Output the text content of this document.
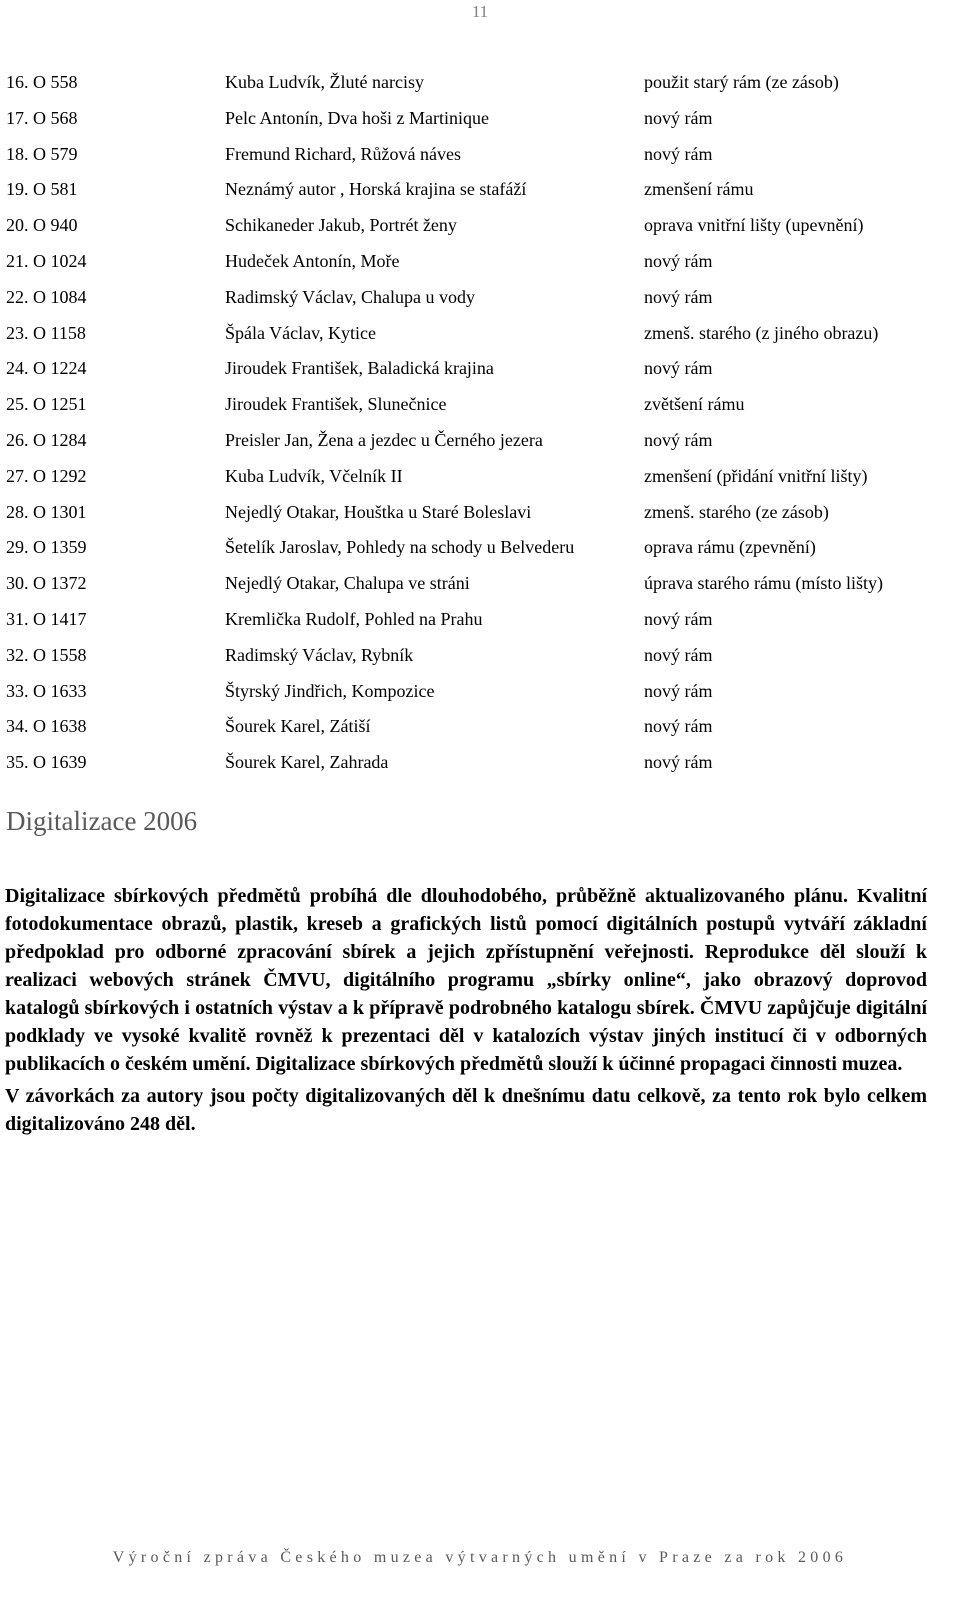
11
16. O 558	Kuba Ludvík, Žluté narcisy	použit starý rám (ze zásob)
17. O 568	Pelc Antonín, Dva hoši z Martinique	nový rám
18. O 579	Fremund Richard, Růžová náves	nový rám
19. O 581	Neznámý autor , Horská krajina se stafáží	zmenšení rámu
20. O 940	Schikaneder Jakub, Portrét ženy	oprava vnitřní lišty (upevnění)
21. O 1024	Hudeček Antonín, Moře	nový rám
22. O 1084	Radimský Václav, Chalupa u vody	nový rám
23. O 1158	Špála Václav, Kytice	zmenš. starého (z jiného obrazu)
24. O 1224	Jiroudek František, Baladická krajina	nový rám
25. O 1251	Jiroudek František, Slunečnice	zvětšení rámu
26. O 1284	Preisler Jan, Žena a jezdec u Černého jezera	nový rám
27. O 1292	Kuba Ludvík, Včelník II	zmenšení (přidání vnitřní lišty)
28. O 1301	Nejedlý Otakar, Houštka u Staré Boleslavi	zmenš. starého (ze zásob)
29. O 1359	Šetelík Jaroslav, Pohledy na schody u Belvederu	oprava rámu (zpevnění)
30. O 1372	Nejedlý Otakar, Chalupa ve stráni	úprava starého rámu (místo lišty)
31. O 1417	Kremlička Rudolf, Pohled na Prahu	nový rám
32. O 1558	Radimský Václav, Rybník	nový rám
33. O 1633	Štyrský Jindřich, Kompozice	nový rám
34. O 1638	Šourek Karel, Zátiší	nový rám
35. O 1639	Šourek Karel, Zahrada	nový rám
Digitalizace 2006

Digitalizace sbírkových předmětů probíhá dle dlouhodobého, průběžně aktualizovaného plánu. Kvalitní fotodokumentace obrazů, plastik, kreseb a grafických listů pomocí digitálních postupů vytváří základní předpoklad pro odborné zpracování sbírek a jejich zpřístupnění veřejnosti. Reprodukce děl slouží k realizaci webových stránek ČMVU, digitálního programu „sbírky online“, jako obrazový doprovod katalogů sbírkových i ostatních výstav a k přípravě podrobného katalogu sbírek. ČMVU zapůjčuje digitální podklady ve vysoké kvalitě rovněž k prezentaci děl v katalozích výstav jiných institucí či v odborných publikacích o českém umění. Digitalizace sbírkových předmětů slouží k účinné propagaci činnosti muzea.

V závorkách za autory jsou počty digitalizovaných děl k dnešnímu datu celkově, za tento rok bylo celkem digitalizováno 248 děl.

Výroční zpráva Českého muzea výtvarných umění v Praze za rok 2006
